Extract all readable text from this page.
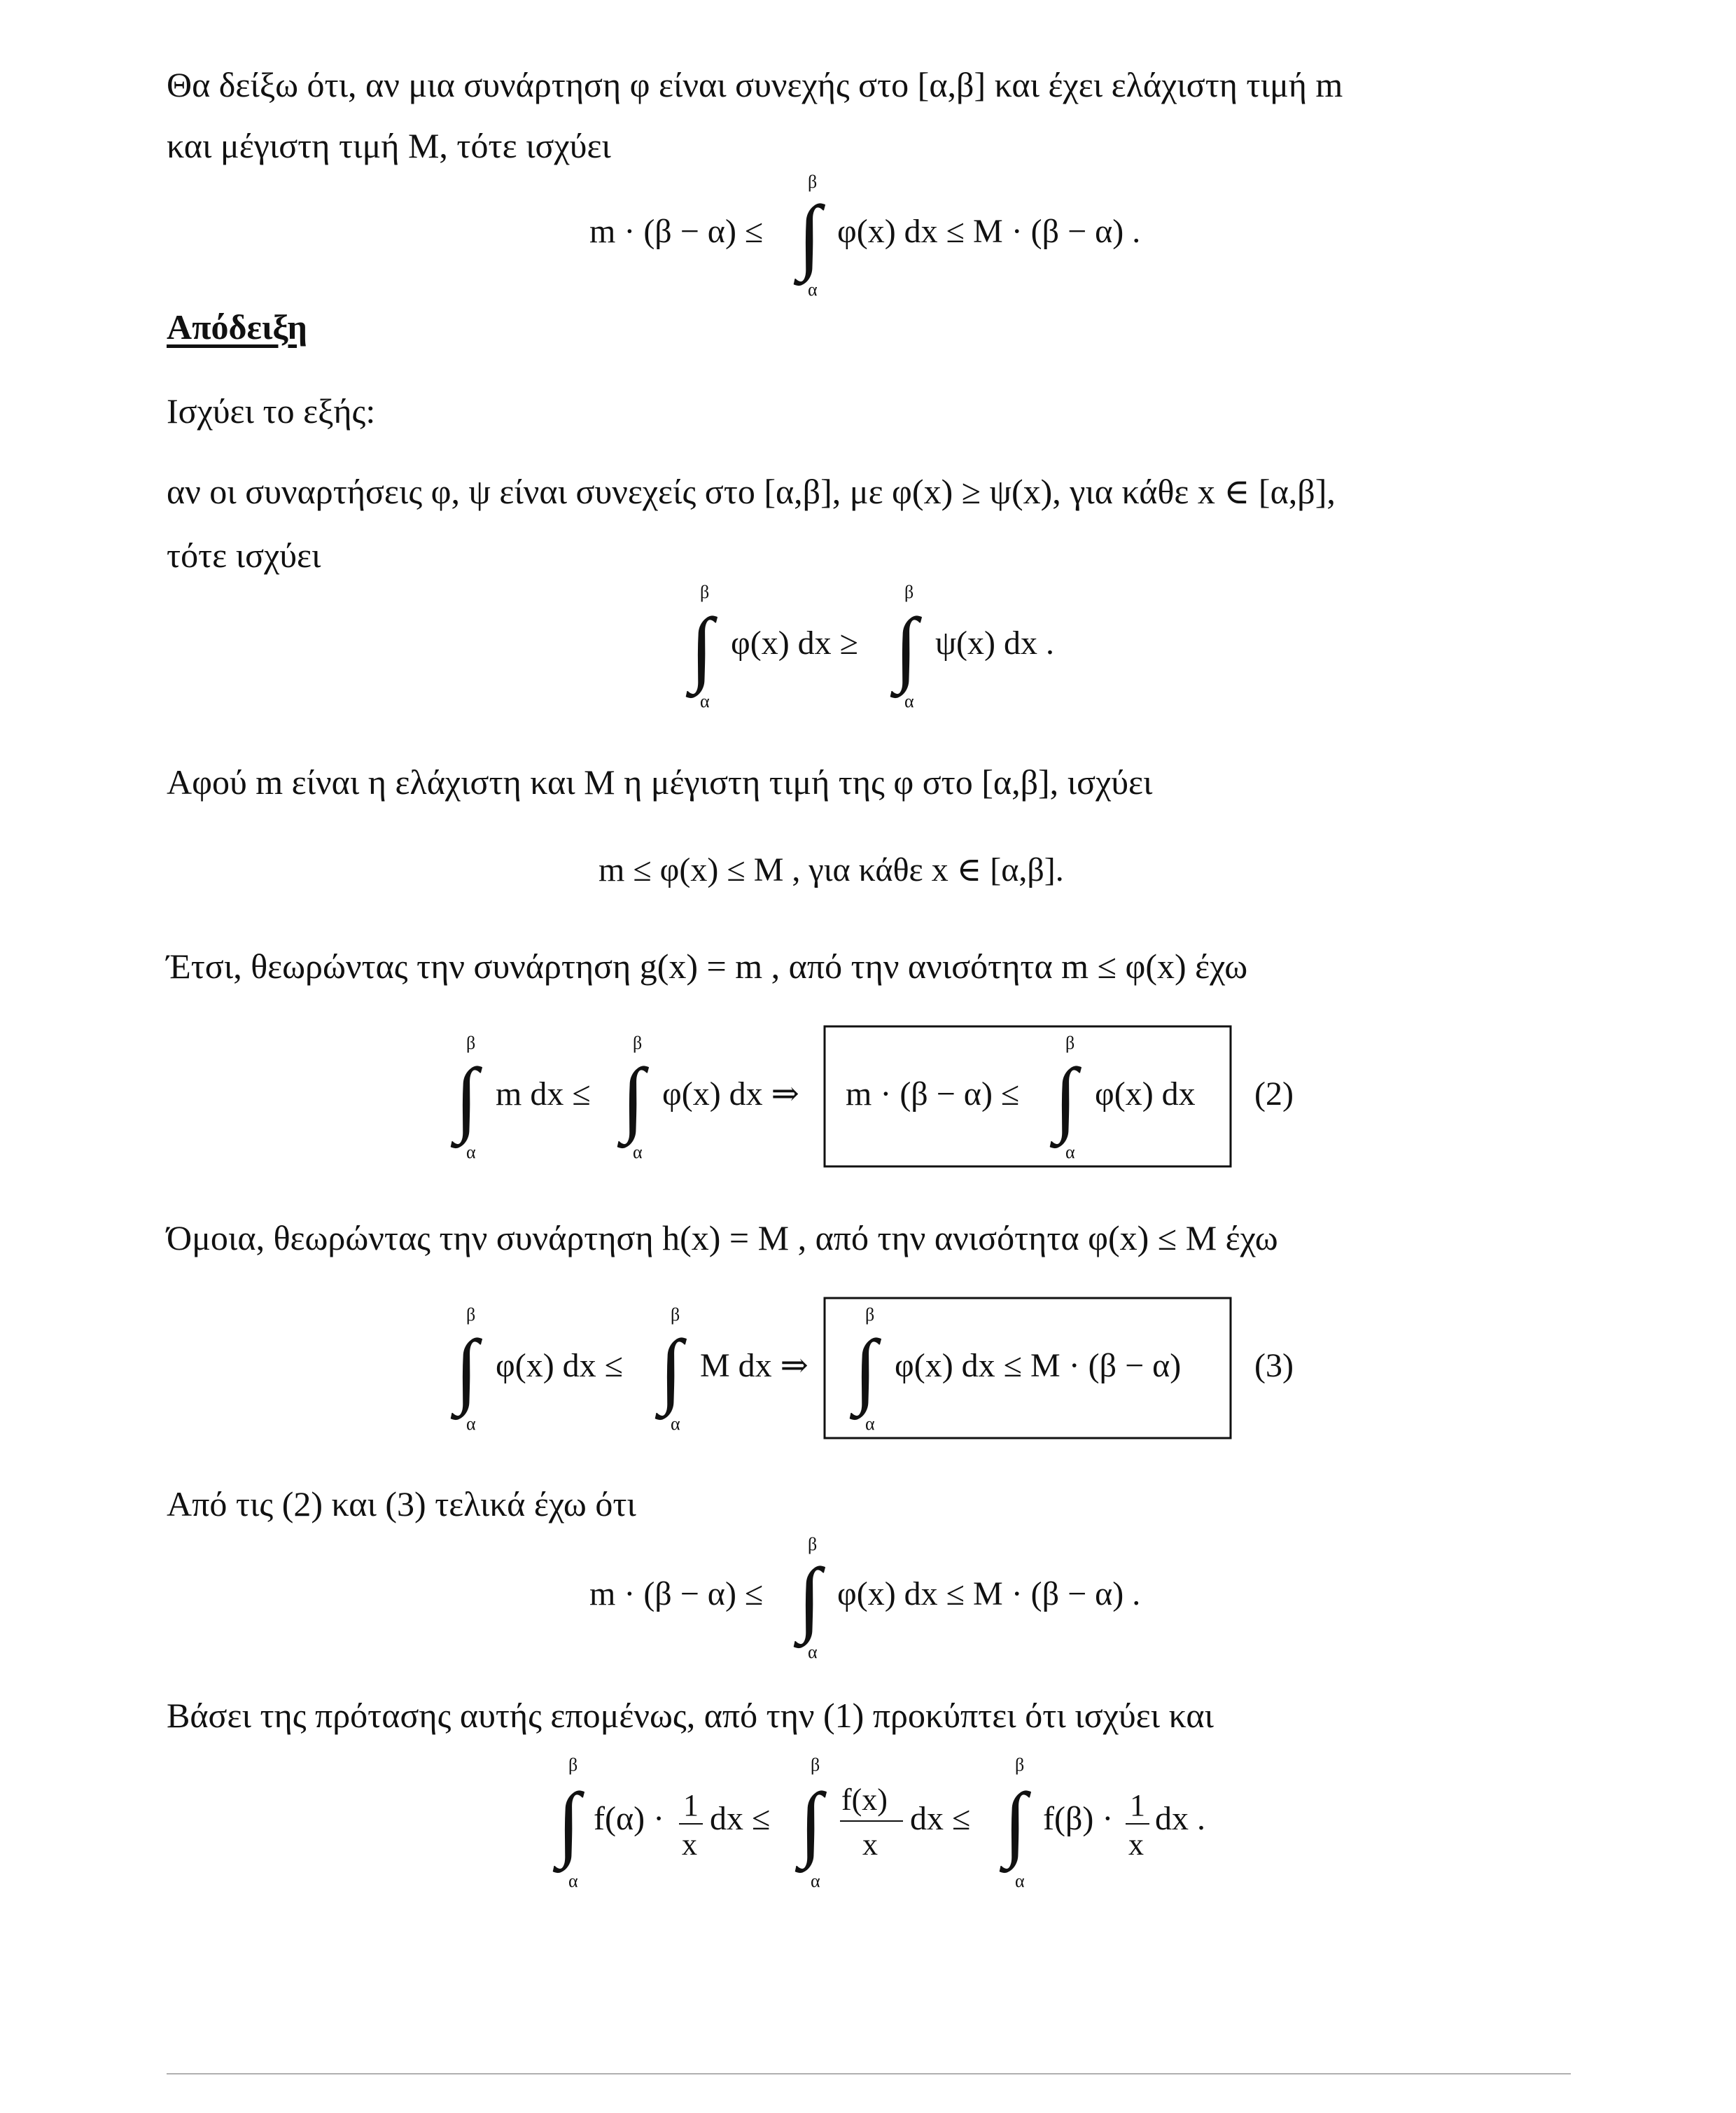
Θα δείξω ότι, αν μια συνάρτηση φ είναι συνεχής στο [α,β] και έχει ελάχιστη τιμή m
και μέγιστη τιμή Μ, τότε ισχύει
m · (β − α) ≤
β
∫
α
φ(x) dx ≤ M · (β − α) .
Απόδειξη
Ισχύει το εξής:
αν οι συναρτήσεις φ, ψ είναι συνεχείς στο [α,β], με φ(x) ≥ ψ(x), για κάθε x ∈ [α,β],
τότε ισχύει
β
∫
α
φ(x) dx ≥
β
∫
α
ψ(x) dx .
Αφού m είναι η ελάχιστη και Μ η μέγιστη τιμή της φ στο [α,β], ισχύει
m ≤ φ(x) ≤ M , για κάθε x ∈ [α,β].
Έτσι, θεωρώντας την συνάρτηση g(x) = m , από την ανισότητα m ≤ φ(x) έχω
β
∫
α
m dx ≤
β
∫
α
φ(x) dx ⇒ m · (β − α) ≤
β
∫
α
φ(x) dx (2)
Όμοια, θεωρώντας την συνάρτηση h(x) = M , από την ανισότητα φ(x) ≤ M έχω
β
∫
α
φ(x) dx ≤
β
∫
α
M dx ⇒
β
∫
α
φ(x) dx ≤ M · (β − α) (3)
Από τις (2) και (3) τελικά έχω ότι
m · (β − α) ≤
β
∫
α
φ(x) dx ≤ M · (β − α) .
Βάσει της πρότασης αυτής επομένως, από την (1) προκύπτει ότι ισχύει και
β
∫
α
f(α) · 1
x
dx ≤
β
∫
α
f(x)
x
dx ≤
β
∫
α
f(β) · 1
x
dx .
